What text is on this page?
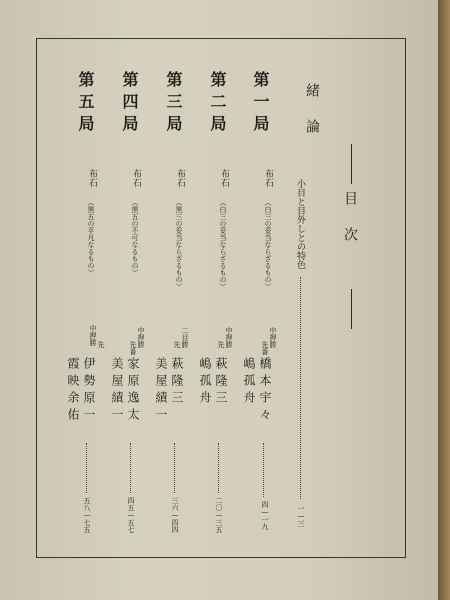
目　次
緒　論
小目と目外しとの特色
一—三
第一局
布石
（白三の妥当ならざるもの）
中押勝
先番
橋本宇々
嶋孤舟
四—一九
第二局
布石
（白三の妥当ならざるもの）
中押勝
先
萩隆三
嶋孤舟
二〇—三五
第三局
布石
（黒三の妥当ならざるもの）
二目勝
先
萩隆三
美屋績一
三六—四四
第四局
布石
（黒五の不可なるもの）
中押勝
先番
家原逸太
美屋績一
四五—五七
第五局
布石
（黒五の平凡なるもの）
中押勝 先
伊勢原一
霞映余佑
五八—七五
